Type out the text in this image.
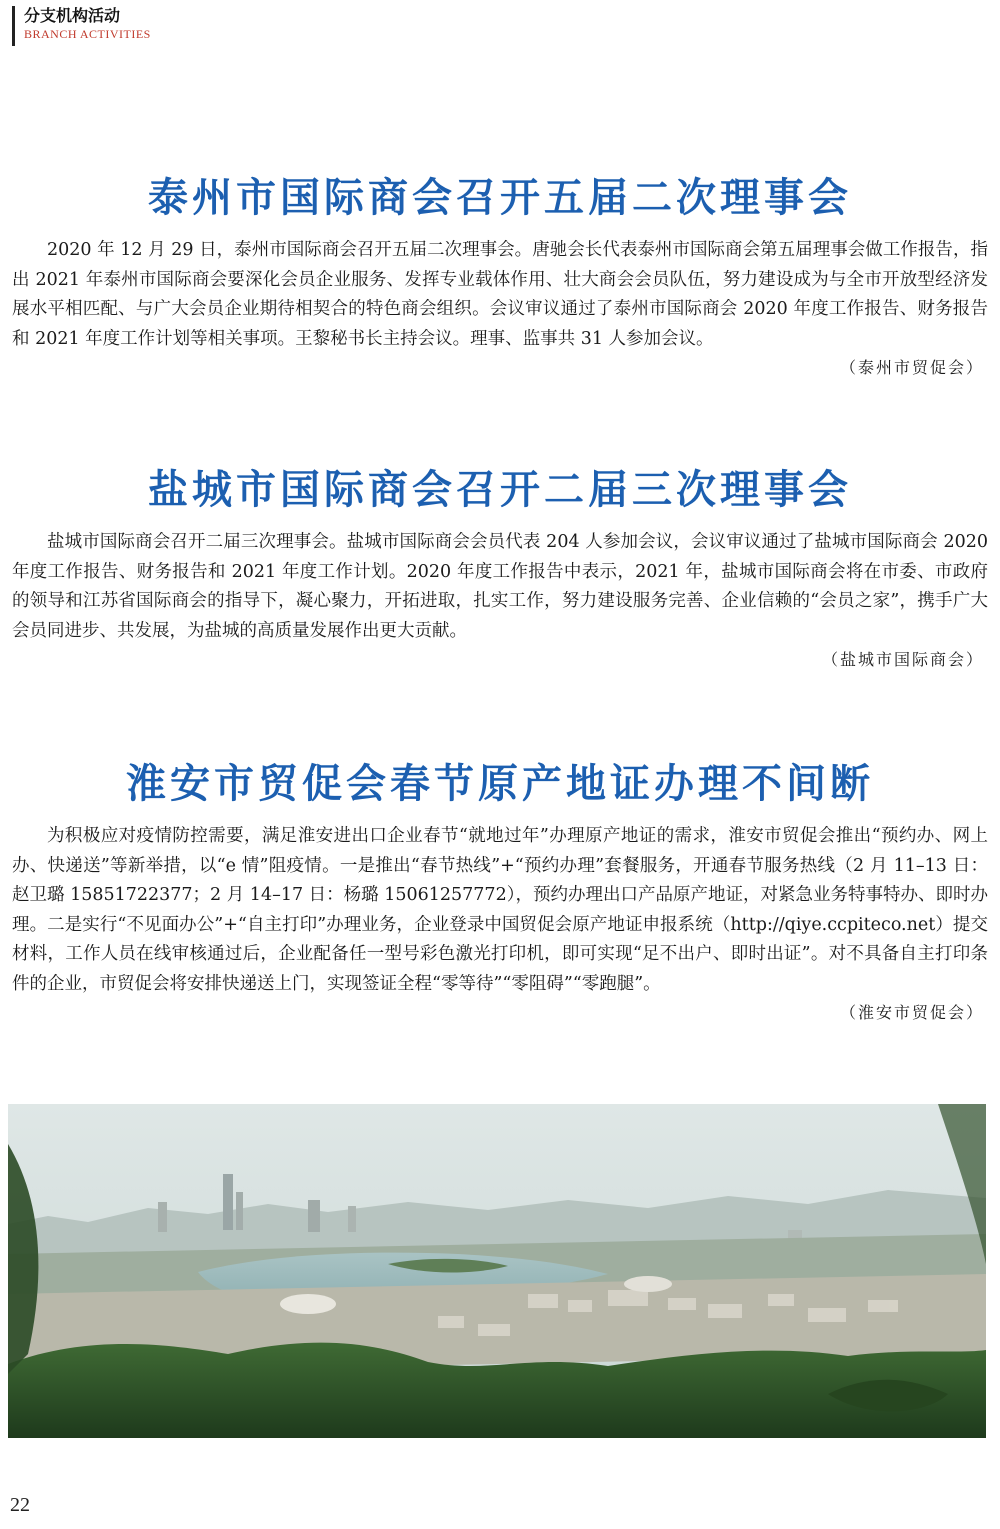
分支机构活动
BRANCH ACTIVITIES
泰州市国际商会召开五届二次理事会

2020 年 12 月 29 日，泰州市国际商会召开五届二次理事会。唐驰会长代表泰州市国际商会第五届理事会做工作报告，指出 2021 年泰州市国际商会要深化会员企业服务、发挥专业载体作用、壮大商会会员队伍，努力建设成为与全市开放型经济发展水平相匹配、与广大会员企业期待相契合的特色商会组织。会议审议通过了泰州市国际商会 2020 年度工作报告、财务报告和 2021 年度工作计划等相关事项。王黎秘书长主持会议。理事、监事共 31 人参加会议。

（泰州市贸促会）

盐城市国际商会召开二届三次理事会

盐城市国际商会召开二届三次理事会。盐城市国际商会会员代表 204 人参加会议，会议审议通过了盐城市国际商会 2020 年度工作报告、财务报告和 2021 年度工作计划。2020 年度工作报告中表示，2021 年，盐城市国际商会将在市委、市政府的领导和江苏省国际商会的指导下，凝心聚力，开拓进取，扎实工作，努力建设服务完善、企业信赖的“会员之家”，携手广大会员同进步、共发展，为盐城的高质量发展作出更大贡献。

（盐城市国际商会）

淮安市贸促会春节原产地证办理不间断

为积极应对疫情防控需要，满足淮安进出口企业春节“就地过年”办理原产地证的需求，淮安市贸促会推出“预约办、网上办、快递送”等新举措，以“e 情”阻疫情。一是推出“春节热线”+“预约办理”套餐服务，开通春节服务热线（2 月 11–13 日：赵卫璐 15851722377；2 月 14–17 日：杨璐 15061257772），预约办理出口产品原产地证，对紧急业务特事特办、即时办理。二是实行“不见面办公”+“自主打印”办理业务，企业登录中国贸促会原产地证申报系统（http://qiye.ccpiteco.net）提交材料，工作人员在线审核通过后，企业配备任一型号彩色激光打印机，即可实现“足不出户、即时出证”。对不具备自主打印条件的企业，市贸促会将安排快递送上门，实现签证全程“零等待”“零阻碍”“零跑腿”。

（淮安市贸促会）

22
